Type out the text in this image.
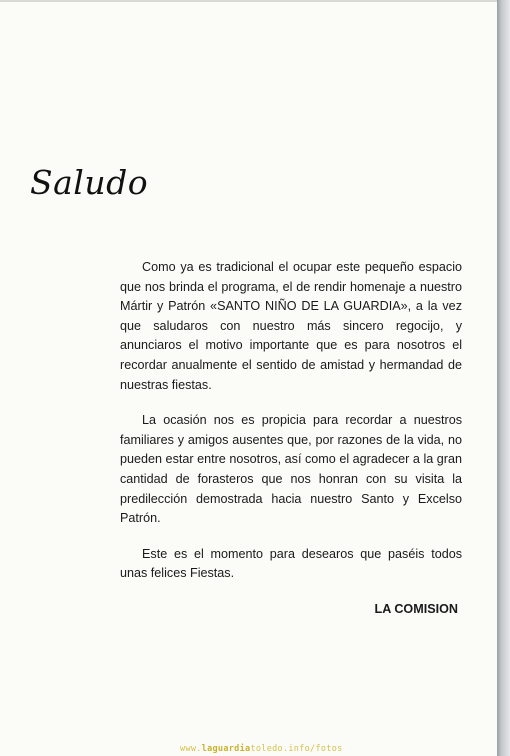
Saludo

Como ya es tradicional el ocupar este pequeño espacio que nos brinda el programa, el de rendir homenaje a nuestro Mártir y Patrón «SANTO NIÑO DE LA GUARDIA», a la vez que saludaros con nuestro más sincero regocijo, y anunciaros el motivo importante que es para nosotros el recordar anualmente el sentido de amistad y hermandad de nuestras fiestas.

La ocasión nos es propicia para recordar a nuestros familiares y amigos ausentes que, por razones de la vida, no pueden estar entre nosotros, así como el agradecer a la gran cantidad de forasteros que nos honran con su visita la predilección demostrada hacia nuestro Santo y Excelso Patrón.

Este es el momento para desearos que paséis todos unas felices Fiestas.

LA COMISION

www.laguardiatoledo.info/fotos
